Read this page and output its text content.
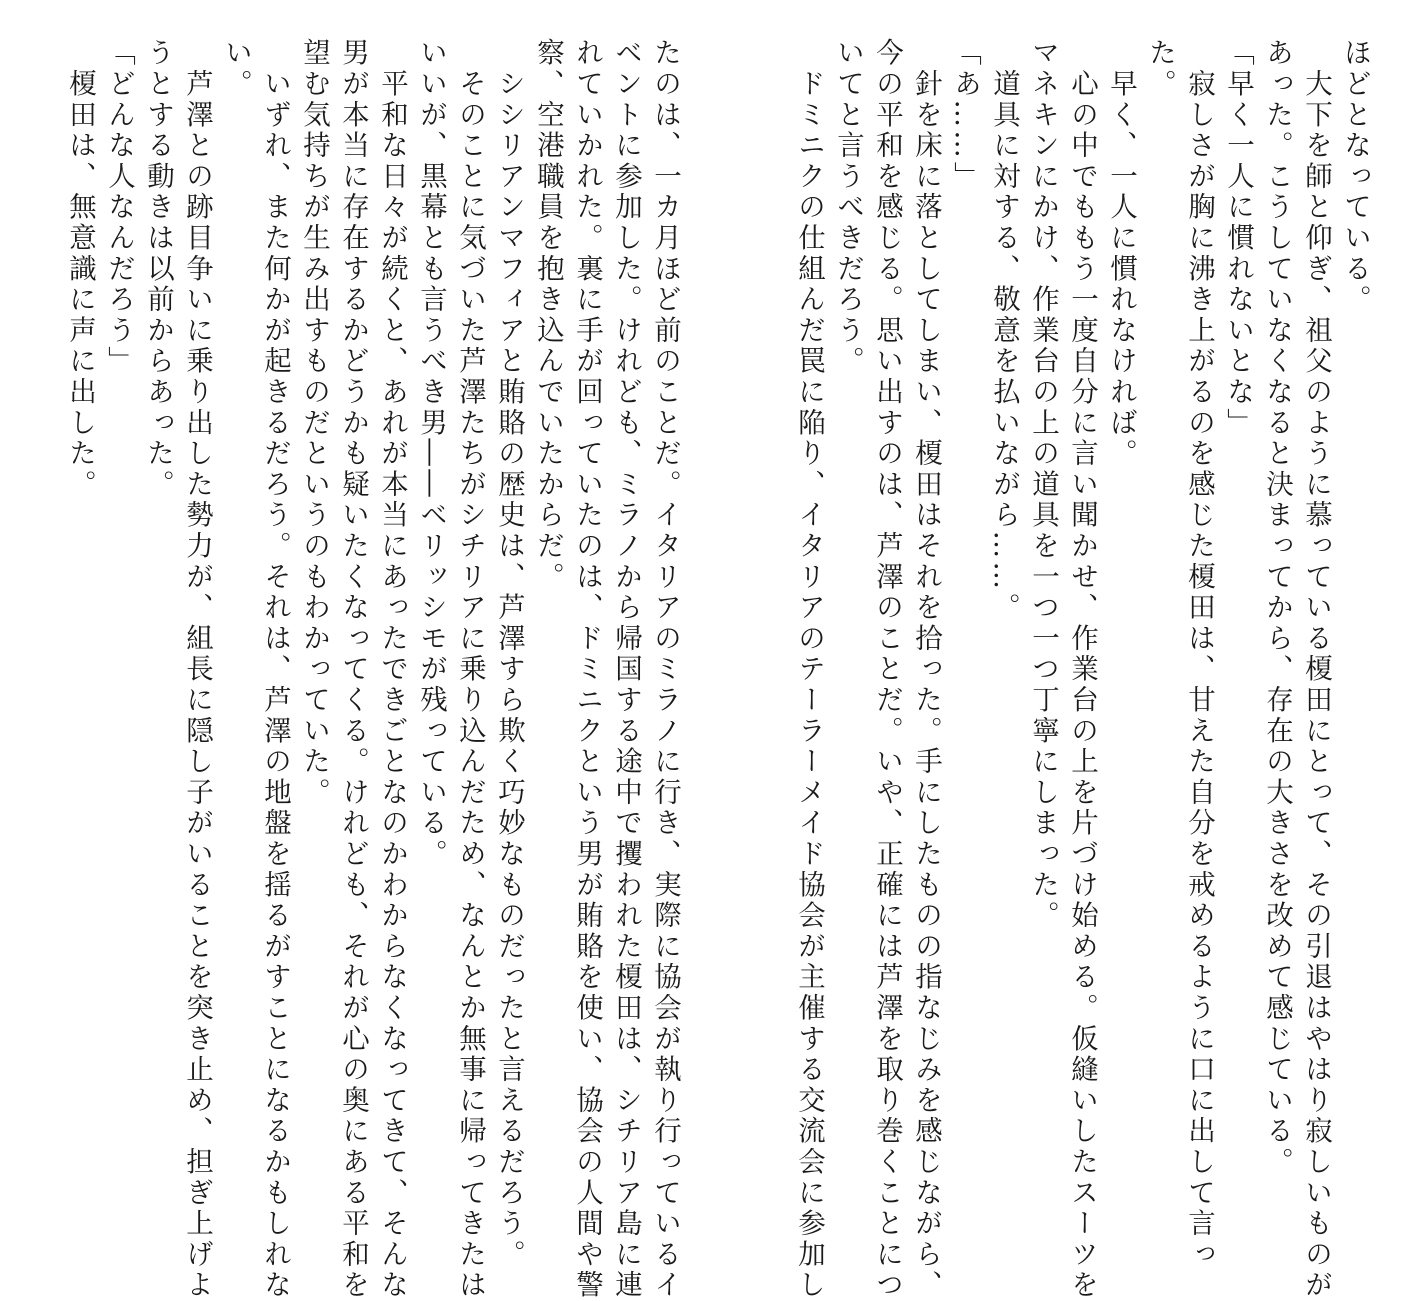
ほどとなっている。
　大下を師と仰ぎ、祖父のように慕っている榎田にとって、その引退はやはり寂しいものが
あった。こうしていなくなると決まってから、存在の大きさを改めて感じている。
「早く一人に慣れないとな」
　寂しさが胸に沸き上がるのを感じた榎田は、甘えた自分を戒めるように口に出して言っ
た。
　早く、一人に慣れなければ。
　心の中でももう一度自分に言い聞かせ、作業台の上を片づけ始める。仮縫いしたスーツを
マネキンにかけ、作業台の上の道具を一つ一つ丁寧にしまった。
　道具に対する、敬意を払いながら……。
「あ……」
　針を床に落としてしまい、榎田はそれを拾った。手にしたものの指なじみを感じながら、
今の平和を感じる。思い出すのは、芦澤のことだ。いや、正確には芦澤を取り巻くことにつ
いてと言うべきだろう。
　ドミニクの仕組んだ罠に陥り、イタリアのテーラーメイド協会が主催する交流会に参加し
たのは、一カ月ほど前のことだ。イタリアのミラノに行き、実際に協会が執り行っているイ
ベントに参加した。けれども、ミラノから帰国する途中で攫われた榎田は、シチリア島に連
れていかれた。裏に手が回っていたのは、ドミニクという男が賄賂を使い、協会の人間や警
察、空港職員を抱き込んでいたからだ。
　シシリアンマフィアと賄賂の歴史は、芦澤すら欺く巧妙なものだったと言えるだろう。
　そのことに気づいた芦澤たちがシチリアに乗り込んだため、なんとか無事に帰ってきたは
いいが、黒幕とも言うべき男――ベリッシモが残っている。
　平和な日々が続くと、あれが本当にあったできごとなのかわからなくなってきて、そんな
男が本当に存在するかどうかも疑いたくなってくる。けれども、それが心の奥にある平和を
望む気持ちが生み出すものだというのもわかっていた。
　いずれ、また何かが起きるだろう。それは、芦澤の地盤を揺るがすことになるかもしれな
い。
　芦澤との跡目争いに乗り出した勢力が、組長に隠し子がいることを突き止め、担ぎ上げよ
うとする動きは以前からあった。
「どんな人なんだろう」
　榎田は、無意識に声に出した。
